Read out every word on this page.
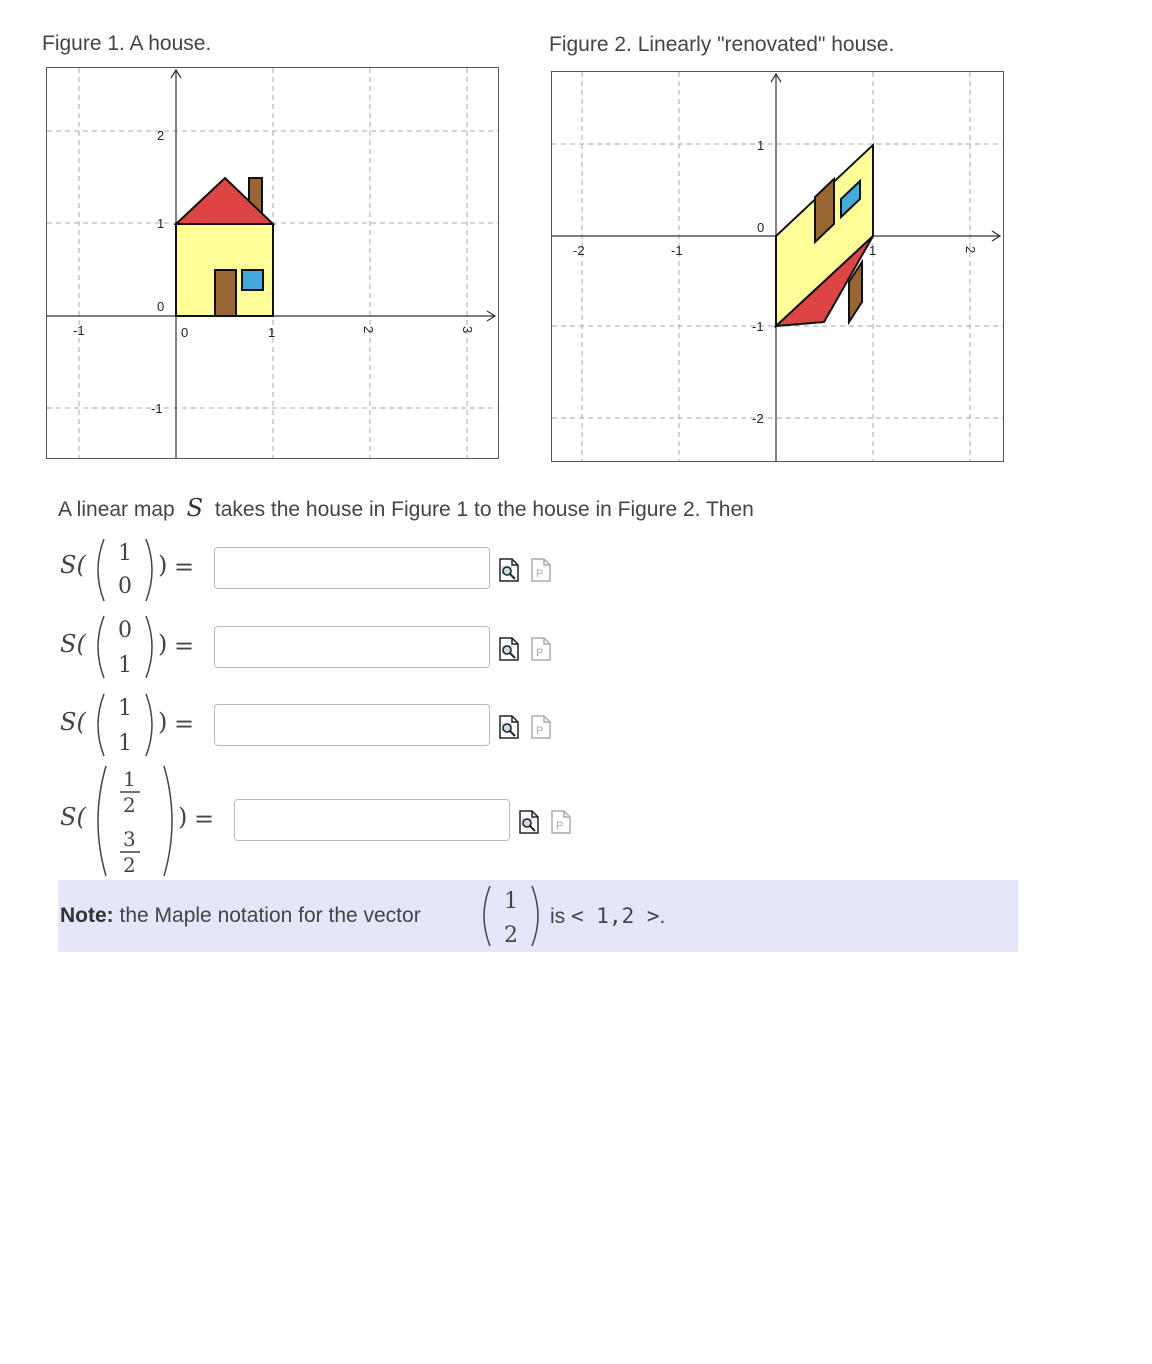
Figure 1. A house.
-1	0	1	2	3
2
1
0
-1
Figure 2. Linearly "renovated" house.
-2	-1	1	2
1
0
-1
-2
A linear map S takes the house in Figure 1 to the house in Figure 2. Then
S( 1
0
) =	P
S( 0
1
) =	P
S( 1
1
) =	P
S(
1
2
3
2
) =	P
Note: the Maple notation for the vector
1
2
is < 1,2 >.
